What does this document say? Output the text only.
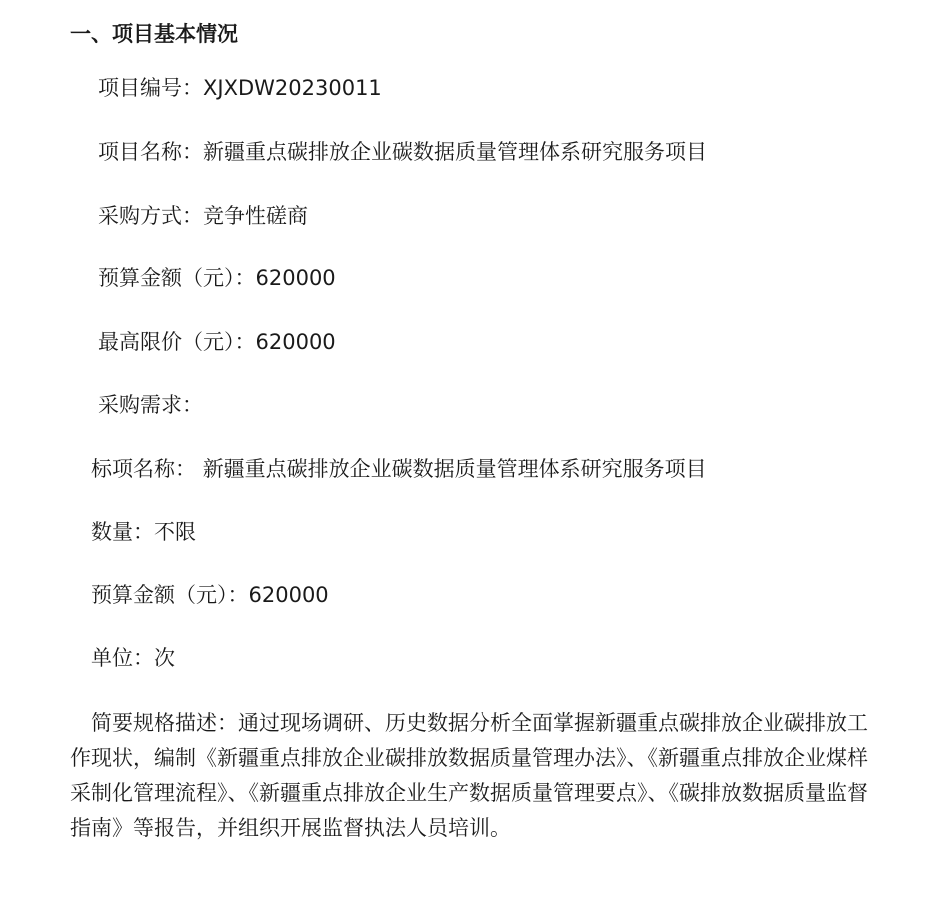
一、项目基本情况
项目编号：XJXDW20230011
项目名称：新疆重点碳排放企业碳数据质量管理体系研究服务项目
采购方式：竞争性磋商
预算金额（元）：620000
最高限价（元）：620000
采购需求：
标项名称： 新疆重点碳排放企业碳数据质量管理体系研究服务项目
数量：不限
预算金额（元）：620000
单位：次
简要规格描述：通过现场调研、历史数据分析全面掌握新疆重点碳排放企业碳排放工作现状，编制《新疆重点排放企业碳排放数据质量管理办法》、《新疆重点排放企业煤样采制化管理流程》、《新疆重点排放企业生产数据质量管理要点》、《碳排放数据质量监督指南》等报告，并组织开展监督执法人员培训。
